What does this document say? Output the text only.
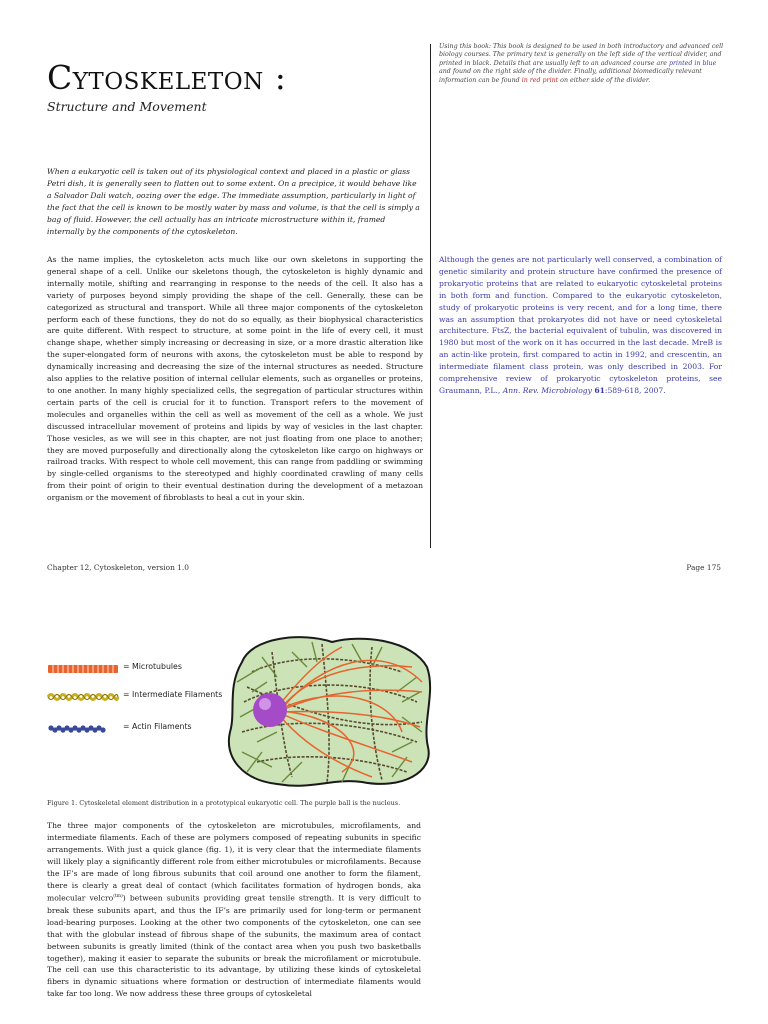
Cytoskeleton :

Structure and Movement

Using this book: This book is designed to be used in both introductory and advanced cell biology courses. The primary text is generally on the left side of the vertical divider, and printed in black. Details that are usually left to an advanced course are printed in blue and found on the right side of the divider. Finally, additional biomedically relevant information can be found in red print on either side of the divider.
When a eukaryotic cell is taken out of its physiological context and placed in a plastic or glass Petri dish, it is generally seen to flatten out to some extent. On a precipice, it would behave like a Salvador Dali watch, oozing over the edge. The immediate assumption, particularly in light of the fact that the cell is known to be mostly water by mass and volume, is that the cell is simply a bag of fluid. However, the cell actually has an intricate microstructure within it, framed internally by the components of the cytoskeleton.
As the name implies, the cytoskeleton acts much like our own skeletons in supporting the general shape of a cell. Unlike our skeletons though, the cytoskeleton is highly dynamic and internally motile, shifting and rearranging in response to the needs of the cell. It also has a variety of purposes beyond simply providing the shape of the cell. Generally, these can be categorized as structural and transport. While all three major components of the cytoskeleton perform each of these functions, they do not do so equally, as their biophysical characteristics are quite different. With respect to structure, at some point in the life of every cell, it must change shape, whether simply increasing or decreasing in size, or a more drastic alteration like the super-elongated form of neurons with axons, the cytoskeleton must be able to respond by dynamically increasing and decreasing the size of the internal structures as needed. Structure also applies to the relative position of internal cellular elements, such as organelles or proteins, to one another. In many highly specialized cells, the segregation of particular structures within certain parts of the cell is crucial for it to function. Transport refers to the movement of molecules and organelles within the cell as well as movement of the cell as a whole. We just discussed intracellular movement of proteins and lipids by way of vesicles in the last chapter. Those vesicles, as we will see in this chapter, are not just floating from one place to another; they are moved purposefully and directionally along the cytoskeleton like cargo on highways or railroad tracks. With respect to whole cell movement, this can range from paddling or swimming by single-celled organisms to the stereotyped and highly coordinated crawling of many cells from their point of origin to their eventual destination during the development of a metazoan organism or the movement of fibroblasts to heal a cut in your skin.
Although the genes are not particularly well conserved, a combination of genetic similarity and protein structure have confirmed the presence of prokaryotic proteins that are related to eukaryotic cytoskeletal proteins in both form and function. Compared to the eukaryotic cytoskeleton, study of prokaryotic proteins is very recent, and for a long time, there was an assumption that prokaryotes did not have or need cytoskeletal architecture. FtsZ, the bacterial equivalent of tubulin, was discovered in 1980 but most of the work on it has occurred in the last decade. MreB is an actin-like protein, first compared to actin in 1992, and crescentin, an intermediate filament class protein, was only described in 2003. For comprehensive review of prokaryotic cytoskeleton proteins, see Graumann, P.L., Ann. Rev. Microbiology 61:589-618, 2007.
Chapter 12, Cytoskeleton, version 1.0	Page 175
= Microtubules
= Intermediate Filaments
= Actin Filaments
Figure 1. Cytoskeletal element distribution in a prototypical eukaryotic cell. The purple ball is the nucleus.
The three major components of the cytoskeleton are microtubules, microfilaments, and intermediate filaments. Each of these are polymers composed of repeating subunits in specific arrangements. With just a quick glance (fig. 1), it is very clear that the intermediate filaments will likely play a significantly different role from either microtubules or microfilaments. Because the IF’s are made of long fibrous subunits that coil around one another to form the filament, there is clearly a great deal of contact (which facilitates formation of hydrogen bonds, aka molecular velcro$^{(tm)}$) between subunits providing great tensile strength. It is very difficult to break these subunits apart, and thus the IF’s are primarily used for long-term or permanent load-bearing purposes. Looking at the other two components of the cytoskeleton, one can see that with the globular instead of fibrous shape of the subunits, the maximum area of contact between subunits is greatly limited (think of the contact area when you push two basketballs together), making it easier to separate the subunits or break the microfilament or microtubule. The cell can use this characteristic to its advantage, by utilizing these kinds of cytoskeletal fibers in dynamic situations where formation or destruction of intermediate filaments would take far too long. We now address these three groups of cytoskeletal
